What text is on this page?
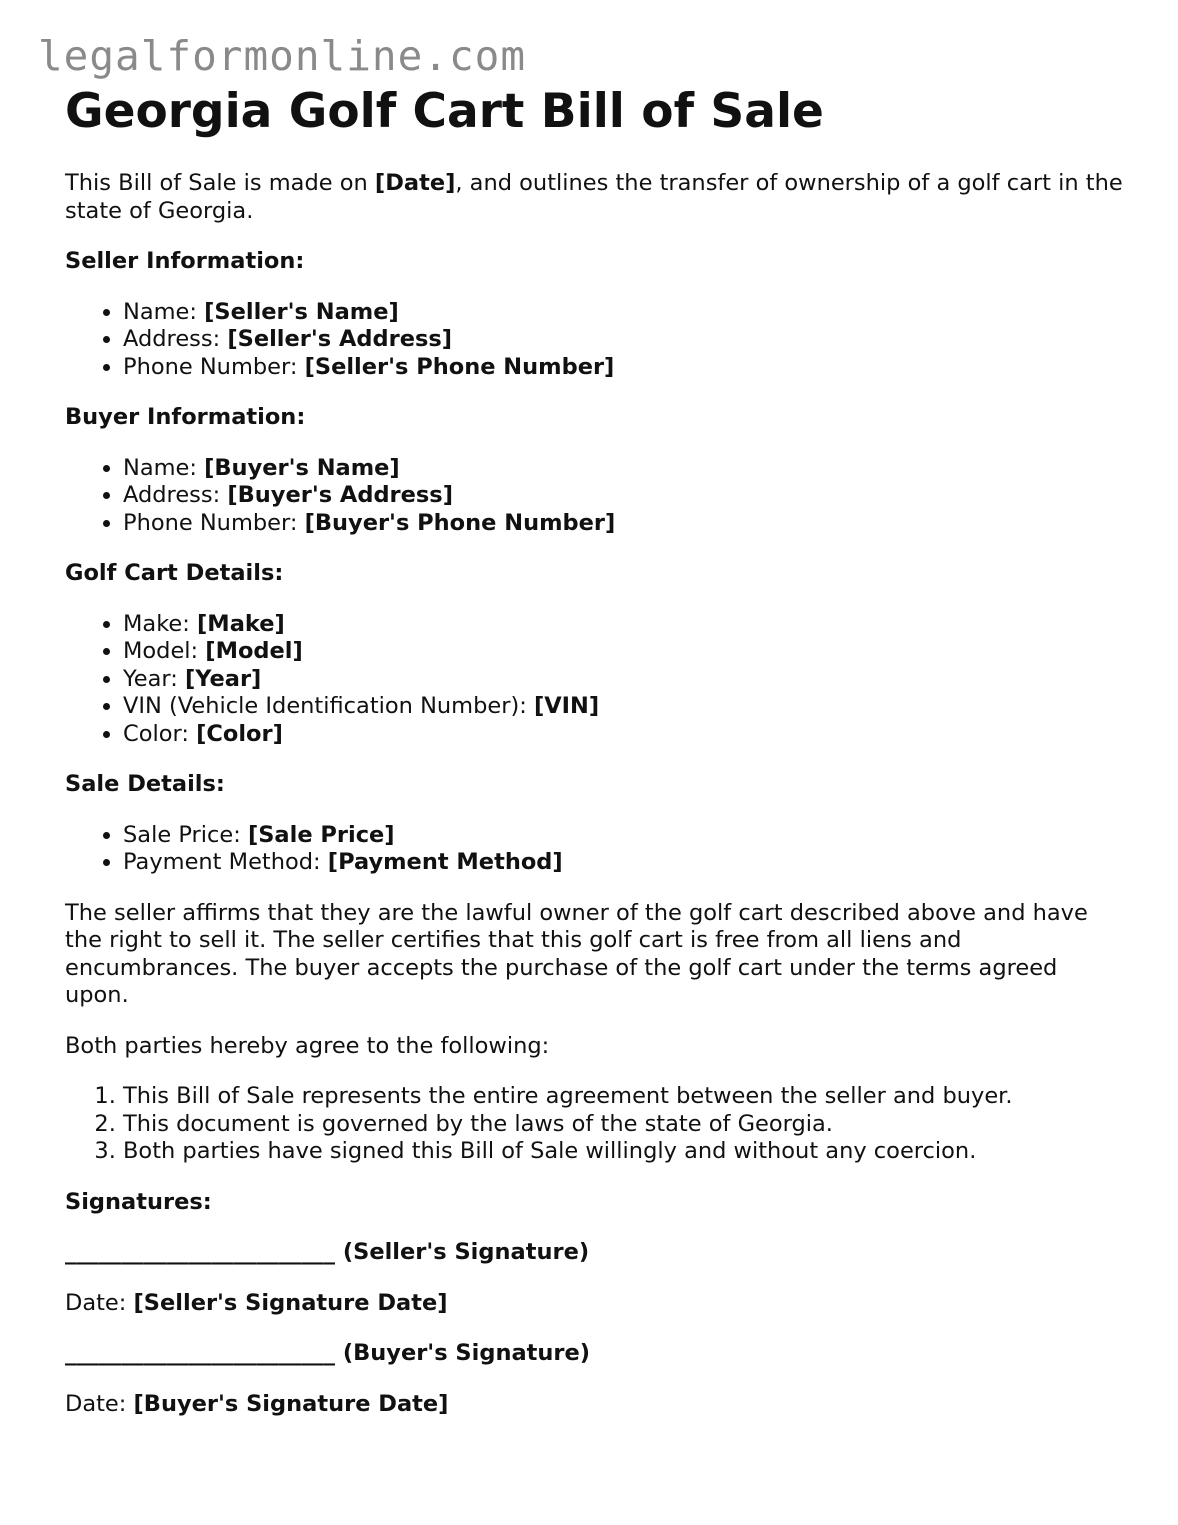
legalformonline.com
Georgia Golf Cart Bill of Sale

This Bill of Sale is made on [Date], and outlines the transfer of ownership of a golf cart in the state of Georgia.

Seller Information:

• Name: [Seller's Name]
• Address: [Seller's Address]
• Phone Number: [Seller's Phone Number]

Buyer Information:

• Name: [Buyer's Name]
• Address: [Buyer's Address]
• Phone Number: [Buyer's Phone Number]

Golf Cart Details:

• Make: [Make]
• Model: [Model]
• Year: [Year]
• VIN (Vehicle Identification Number): [VIN]
• Color: [Color]

Sale Details:

• Sale Price: [Sale Price]
• Payment Method: [Payment Method]

The seller affirms that they are the lawful owner of the golf cart described above and have the right to sell it. The seller certifies that this golf cart is free from all liens and encumbrances. The buyer accepts the purchase of the golf cart under the terms agreed upon.

Both parties hereby agree to the following:

1. This Bill of Sale represents the entire agreement between the seller and buyer.
2. This document is governed by the laws of the state of Georgia.
3. Both parties have signed this Bill of Sale willingly and without any coercion.

Signatures:

________________________ (Seller's Signature)

Date: [Seller's Signature Date]

________________________ (Buyer's Signature)

Date: [Buyer's Signature Date]
